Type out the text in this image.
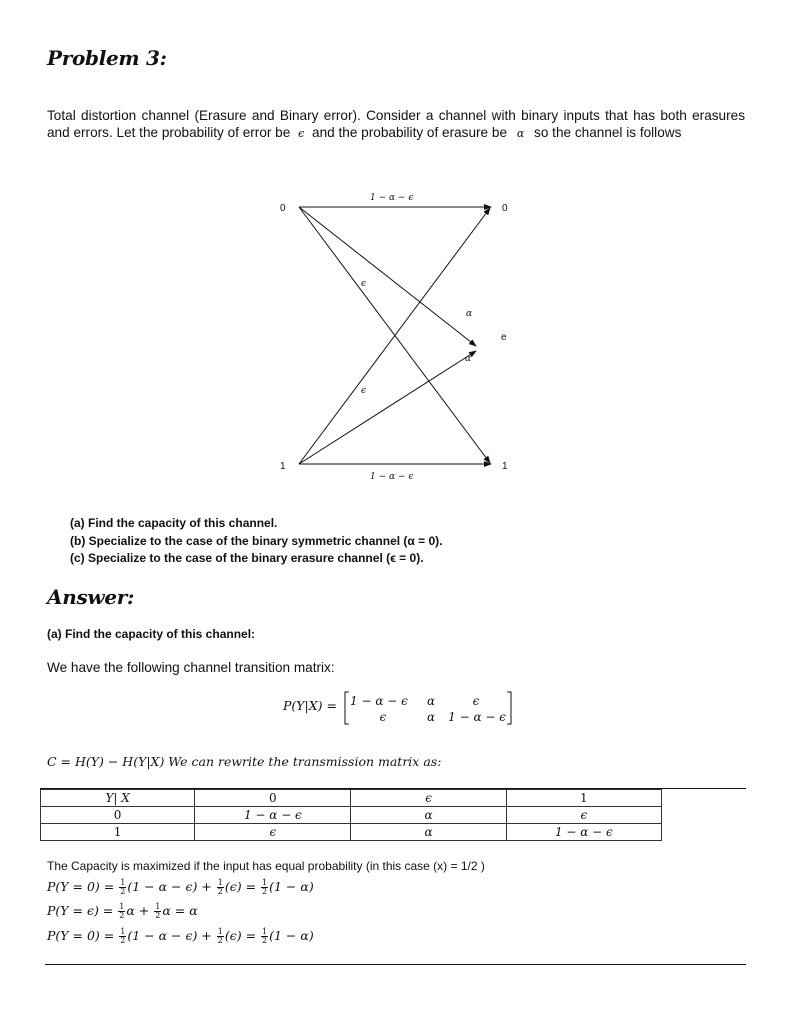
Problem 3:
Total distortion channel (Erasure and Binary error). Consider a channel with binary inputs that has both erasures and errors. Let the probability of error be ϵ and the probability of erasure be α so the channel is follows
0
1
0
e
1
1 − α − ϵ
1 − α − ϵ
ϵ
ϵ
α
α
(a) Find the capacity of this channel.
(b) Specialize to the case of the binary symmetric channel (α = 0).
(c) Specialize to the case of the binary erasure channel (ϵ = 0).
Answer:
(a) Find the capacity of this channel:
We have the following channel transition matrix:
P(Y|X) = 1 − α − ϵ	α	ϵ
ϵ	α	1 − α − ϵ
C = H(Y) − H(Y|X) We can rewrite the transmission matrix as:
Y| X	0	ϵ	1
0	1 − α − ϵ	α	ϵ
1	ϵ	α	1 − α − ϵ
The Capacity is maximized if the input has equal probability (in this case (x) = 1/2 )
$P(Y = 0) = \frac{1}{2} (1 - \alpha - \epsilon) + \frac{1}{2} (\epsilon) = \frac{1}{2} (1 - \alpha)$
$P(Y = \epsilon) = \frac{1}{2}$ $\alpha + \frac{1}{2}$ α = α
$P(Y = 0) = \frac{1}{2} (1 - \alpha - \epsilon) + \frac{1}{2} (\epsilon) = \frac{1}{2} (1 - \alpha)$
